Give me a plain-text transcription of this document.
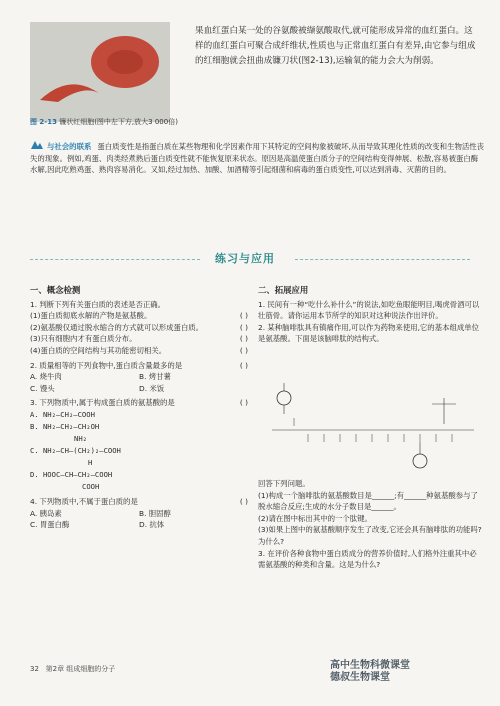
图 2-13 镰状红细胞(图中左下方,放大3 000倍)
果血红蛋白某一处的谷氨酸被缬氨酸取代,就可能形成异常的血红蛋白。这样的血红蛋白可聚合成纤维状,性质也与正常血红蛋白有差异,由它参与组成的红细胞就会扭曲成镰刀状(图2-13),运输氧的能力会大为削弱。
与社会的联系 蛋白质变性是指蛋白质在某些物理和化学因素作用下其特定的空间构象被破坏,从而导致其理化性质的改变和生物活性丧失的现象。例如,鸡蛋、肉类经煮熟后蛋白质变性就不能恢复原来状态。原因是高温使蛋白质分子的空间结构变得伸展、松散,容易被蛋白酶水解,因此吃熟鸡蛋、熟肉容易消化。又如,经过加热、加酸、加酒精等引起细菌和病毒的蛋白质变性,可以达到消毒、灭菌的目的。
练习与应用
一、概念检测
1. 判断下列有关蛋白质的表述是否正确。
(1)蛋白质彻底水解的产物是氨基酸。	( )
(2)氨基酸仅通过脱水缩合的方式就可以形成蛋白质。	( )
(3)只有细胞内才有蛋白质分布。	( )
(4)蛋白质的空间结构与其功能密切相关。	( )
2. 质量相等的下列食物中,蛋白质含量最多的是	( )
A. 烧牛肉	B. 烤甘薯
C. 馒头	D. 米饭
3. 下列物质中,属于构成蛋白质的氨基酸的是	( )
A. NH₂—CH₂—COOH
B. NH₂—CH₂—CH₂OH
NH₂
C. NH₂—CH—(CH₂)₂—COOH
H
D. HOOC—CH—CH₂—COOH
COOH
4. 下列物质中,不属于蛋白质的是	( )
A. 胰岛素	B. 胆固醇
C. 胃蛋白酶	D. 抗体
二、拓展应用
1. 民间有一种“吃什么补什么”的说法,如吃鱼眼能明目,喝虎骨酒可以壮筋骨。请你运用本节所学的知识对这种说法作出评价。
2. 某种脑啡肽具有镇痛作用,可以作为药物来使用,它的基本组成单位是氨基酸。下面是该脑啡肽的结构式。
回答下列问题。
(1)构成一个脑啡肽的氨基酸数目是______;有______种氨基酸参与了脱水缩合反应;生成的水分子数目是______。
(2)请在图中标出其中的一个肽键。
(3)如果上图中的氨基酸顺序发生了改变,它还会具有脑啡肽的功能吗?为什么?
3. 在评价各种食物中蛋白质成分的营养价值时,人们格外注重其中必需氨基酸的种类和含量。这是为什么?
32 第2章 组成细胞的分子	高中生物科微课堂
德叔生物课堂
